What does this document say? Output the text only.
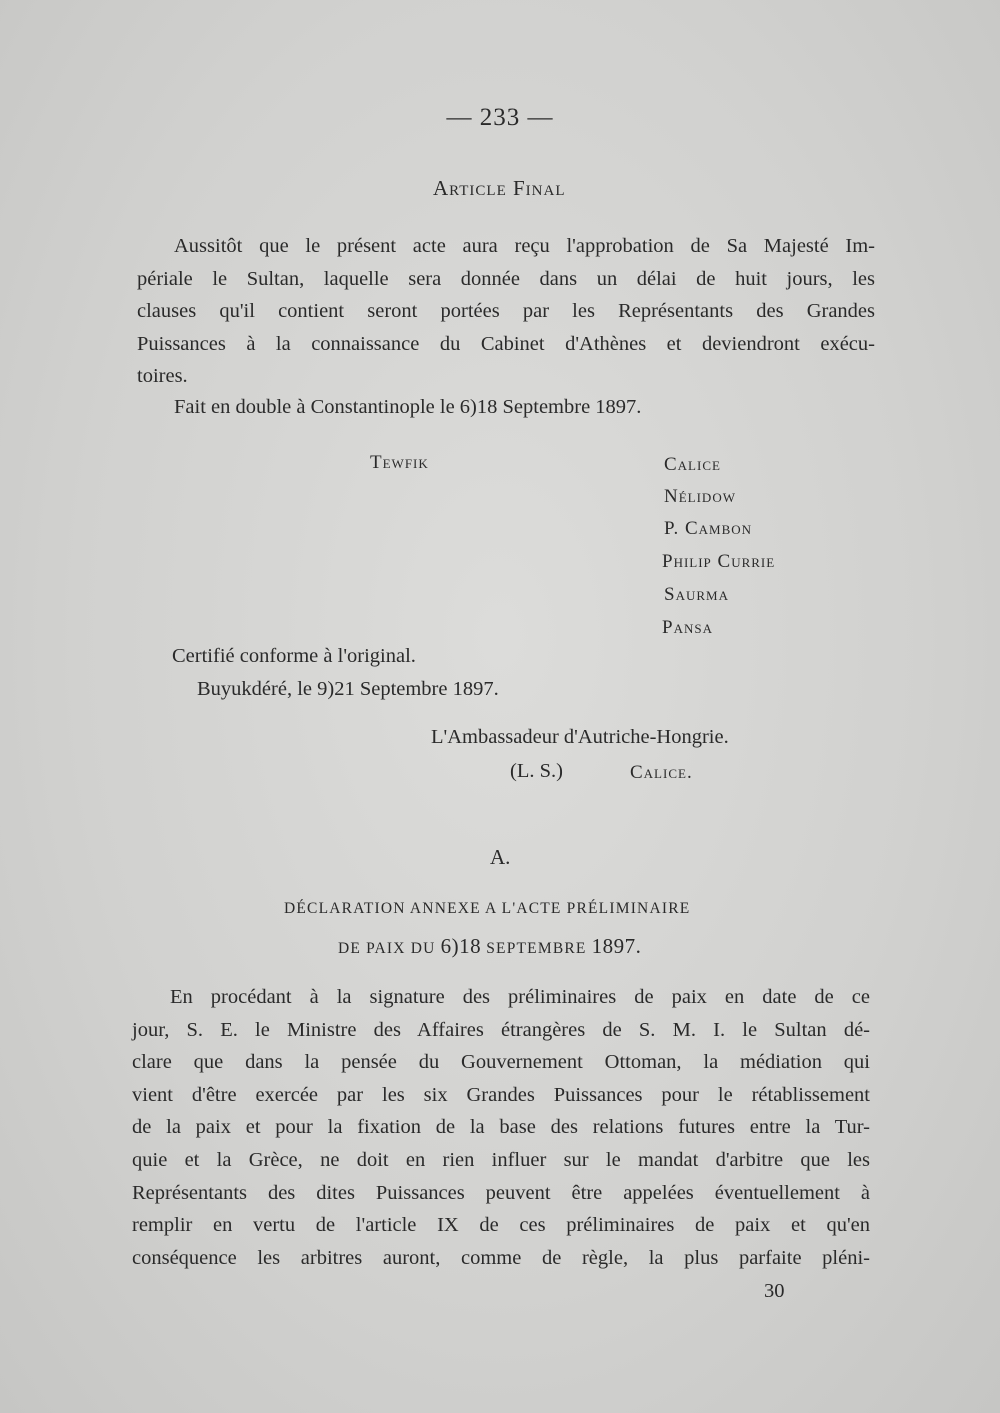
— 233 —
Article Final
Aussitôt que le présent acte aura reçu l'approbation de Sa Majesté Im-
périale le Sultan, laquelle sera donnée dans un délai de huit jours, les
clauses qu'il contient seront portées par les Représentants des Grandes
Puissances à la connaissance du Cabinet d'Athènes et deviendront exécu-
toires.
Fait en double à Constantinople le 6)18 Septembre 1897.
Tewfik	Calice
Nélidow
P. Cambon
Philip Currie
Saurma
Pansa
Certifié conforme à l'original.
Buyukdéré, le 9)21 Septembre 1897.
L'Ambassadeur d'Autriche-Hongrie.
(L. S.)	Calice.
A.
DÉCLARATION ANNEXE A L'ACTE PRÉLIMINAIRE
DE PAIX DU 6)18 SEPTEMBRE 1897.
En procédant à la signature des préliminaires de paix en date de ce
jour, S. E. le Ministre des Affaires étrangères de S. M. I. le Sultan dé-
clare que dans la pensée du Gouvernement Ottoman, la médiation qui
vient d'être exercée par les six Grandes Puissances pour le rétablissement
de la paix et pour la fixation de la base des relations futures entre la Tur-
quie et la Grèce, ne doit en rien influer sur le mandat d'arbitre que les
Représentants des dites Puissances peuvent être appelées éventuellement à
remplir en vertu de l'article IX de ces préliminaires de paix et qu'en
conséquence les arbitres auront, comme de règle, la plus parfaite pléni-
30
